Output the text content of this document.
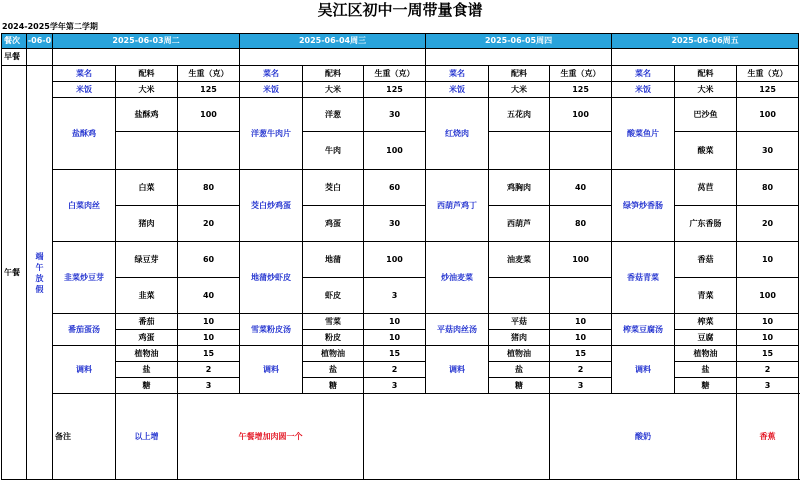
吴江区初中一周带量食谱
2024-2025学年第二学期
餐次	-06-0	2025-06-03周二			2025-06-04周三			2025-06-05周四			2025-06-06周五		
早餐													
午餐	端午放假	菜名	配料	生重（克）	菜名	配料	生重（克）	菜名	配料	生重（克）	菜名	配料	生重（克）
		米饭	大米	125	米饭	大米	125	米饭	大米	125	米饭	大米	125
		盐酥鸡	盐酥鸡	100	洋葱牛肉片	洋葱	30	红烧肉	五花肉	100	酸菜鱼片	巴沙鱼	100
						牛肉	100					酸菜	30
		白菜肉丝	白菜	80	茭白炒鸡蛋	茭白	60	西葫芦鸡丁	鸡胸肉	40	绿笋炒香肠	莴苣	80
			猪肉	20		鸡蛋	30		西葫芦	80		广东香肠	20
		韭菜炒豆芽	绿豆芽	60	地蒲炒虾皮	地蒲	100	炒油麦菜	油麦菜	100	香菇青菜	香菇	10
			韭菜	40		虾皮	3					青菜	100
		番茄蛋汤	番茄	10	雪菜粉皮汤	雪菜	10	平菇肉丝汤	平菇	10	榨菜豆腐汤	榨菜	10
			鸡蛋	10		粉皮	10		猪肉	10		豆腐	10
		调料	植物油	15	调料	植物油	15	调料	植物油	15	调料	植物油	15
			盐	2		盐	2		盐	2		盐	2
			糖	3		糖	3		糖	3		糖	3
		备注	以上增	午餐增加肉圆一个						酸奶			香蕉
